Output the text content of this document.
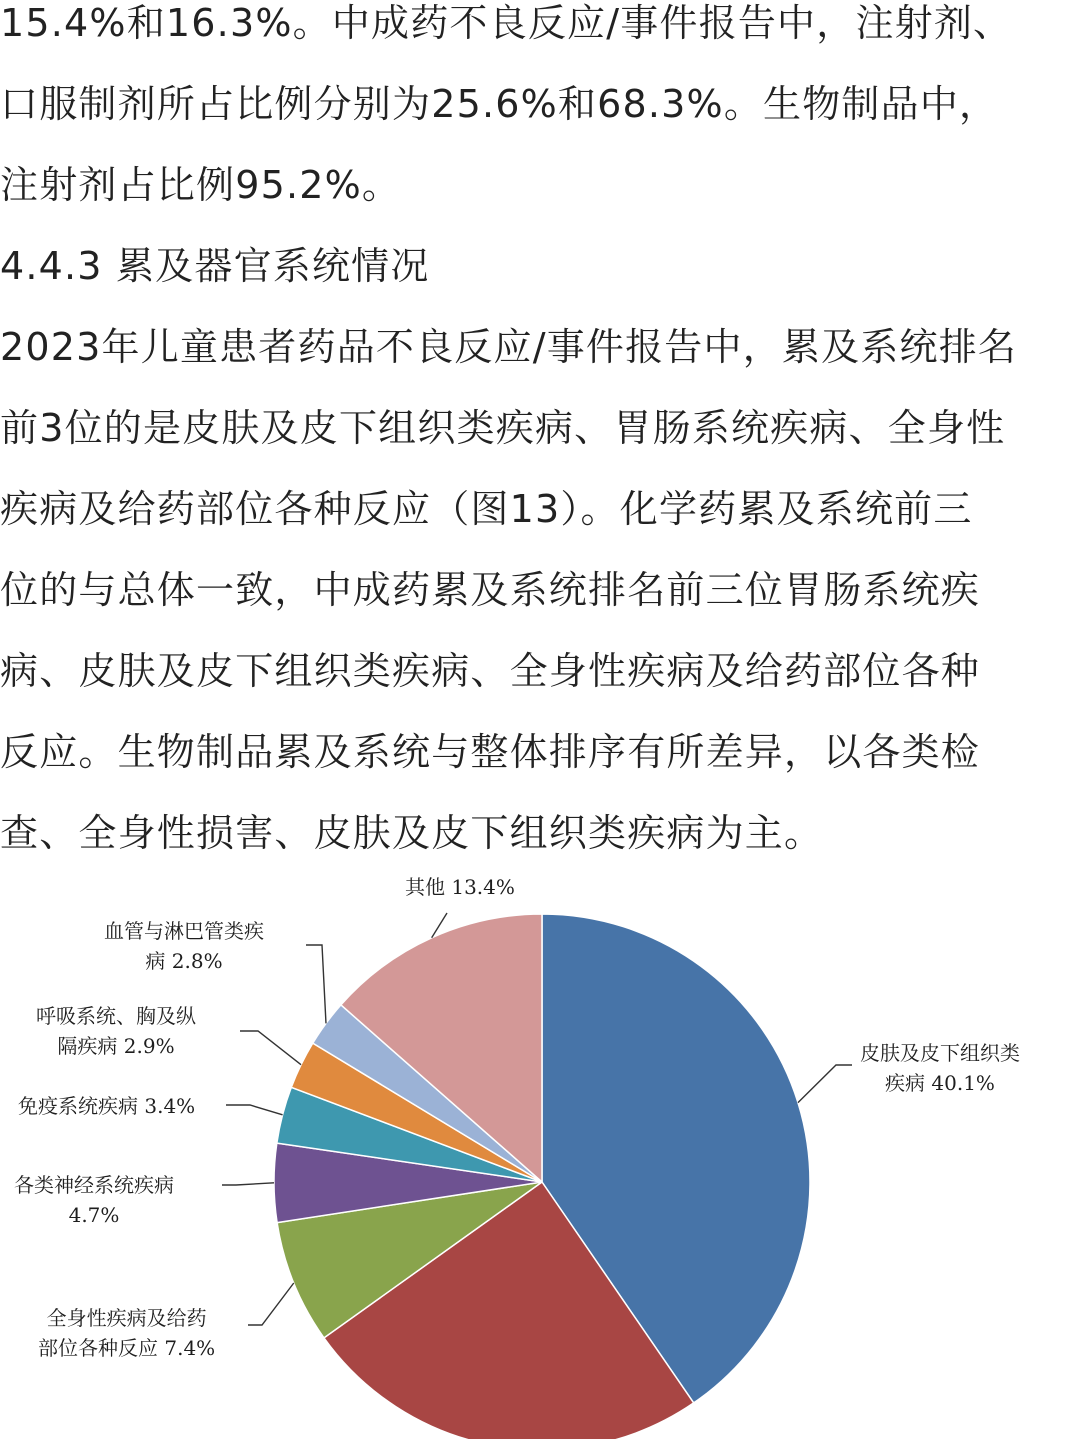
15.4%和16.3%。中成药不良反应/事件报告中，注射剂、
口服制剂所占比例分别为25.6%和68.3%。生物制品中，
注射剂占比例95.2%。
4.4.3 累及器官系统情况
2023年儿童患者药品不良反应/事件报告中，累及系统排名
前3位的是皮肤及皮下组织类疾病、胃肠系统疾病、全身性
疾病及给药部位各种反应（图13）。化学药累及系统前三
位的与总体一致，中成药累及系统排名前三位胃肠系统疾
病、皮肤及皮下组织类疾病、全身性疾病及给药部位各种
反应。生物制品累及系统与整体排序有所差异，以各类检
查、全身性损害、皮肤及皮下组织类疾病为主。
皮肤及皮下组织类
疾病 40.1%
全身性疾病及给药
部位各种反应 7.4%
各类神经系统疾病
4.7%
免疫系统疾病 3.4%
呼吸系统、胸及纵
隔疾病 2.9%
血管与淋巴管类疾
病 2.8%
其他 13.4%
